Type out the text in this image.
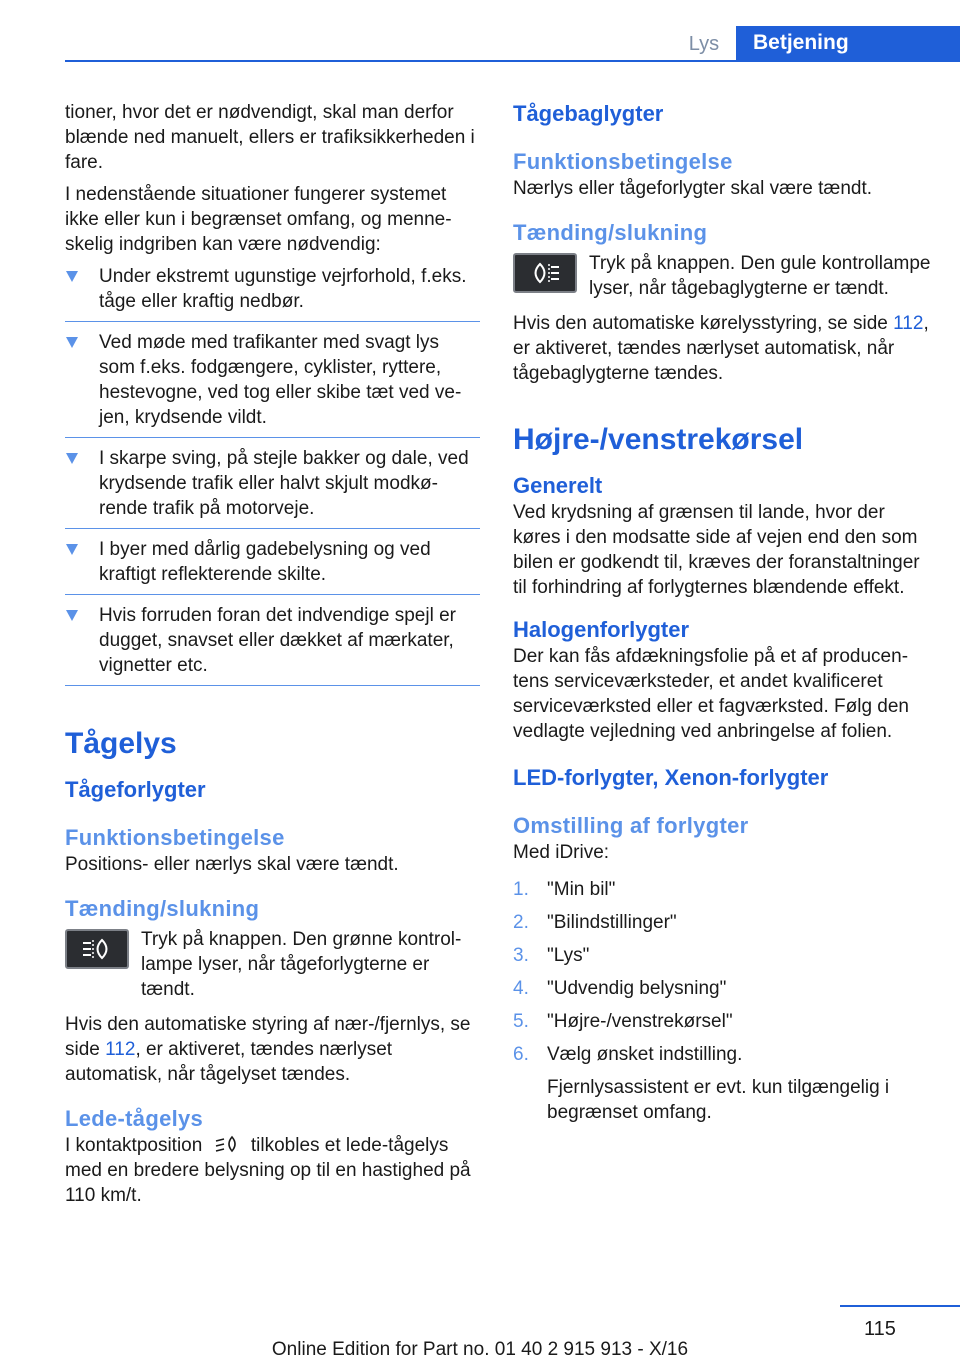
Lys	Betjening

tioner, hvor det er nødvendigt, skal man derfor blænde ned manuelt, ellers er trafiksikkerheden i fare.

I nedenstående situationer fungerer systemet ikke eller kun i begrænset omfang, og menneskelig indgriben kan være nødvendig:

Under ekstremt ugunstige vejrforhold, f.eks. tåge eller kraftig nedbør.
Ved møde med trafikanter med svagt lys som f.eks. fodgængere, cyklister, ryttere, hestevogne, ved tog eller skibe tæt ved vejen, krydsende vildt.
I skarpe sving, på stejle bakker og dale, ved krydsende trafik eller halvt skjult modkørende trafik på motorveje.
I byer med dårlig gadebelysning og ved kraftigt reflekterende skilte.
Hvis forruden foran det indvendige spejl er dugget, snavset eller dækket af mærkater, vignetter etc.
Tågelys
Tågeforlygter
Funktionsbetingelse

Positions- eller nærlys skal være tændt.

Tænding/slukning
Tryk på knappen. Den grønne kontrollampe lyser, når tågeforlygterne er tændt.

Hvis den automatiske styring af nær-/fjernlys, se side 112, er aktiveret, tændes nærlyset automatisk, når tågelyset tændes.

Lede-tågelys

I kontaktposition  tilkobles et lede-tågelys med en bredere belysning op til en hastighed på 110 km/t.

Tågebaglygter
Funktionsbetingelse

Nærlys eller tågeforlygter skal være tændt.

Tænding/slukning
Tryk på knappen. Den gule kontrollampe lyser, når tågebaglygterne er tændt.

Hvis den automatiske kørelysstyring, se side 112, er aktiveret, tændes nærlyset automatisk, når tågebaglygterne tændes.

Højre-/venstrekørsel
Generelt

Ved krydsning af grænsen til lande, hvor der køres i den modsatte side af vejen end den som bilen er godkendt til, kræves der foranstaltninger til forhindring af forlygternes blændende effekt.

Halogenforlygter

Der kan fås afdækningsfolie på et af producentens serviceværksteder, et andet kvalificeret serviceværksted eller et fagværksted. Følg den vedlagte vejledning ved anbringelse af folien.

LED-forlygter, Xenon-forlygter
Omstilling af forlygter

Med iDrive:

1. "Min bil"
2. "Bilindstillinger"
3. "Lys"
4. "Udvendig belysning"
5. "Højre-/venstrekørsel"
6. Vælg ønsket indstilling.

Fjernlysassistent er evt. kun tilgængelig i begrænset omfang.

115
Online Edition for Part no. 01 40 2 915 913 - X/16
